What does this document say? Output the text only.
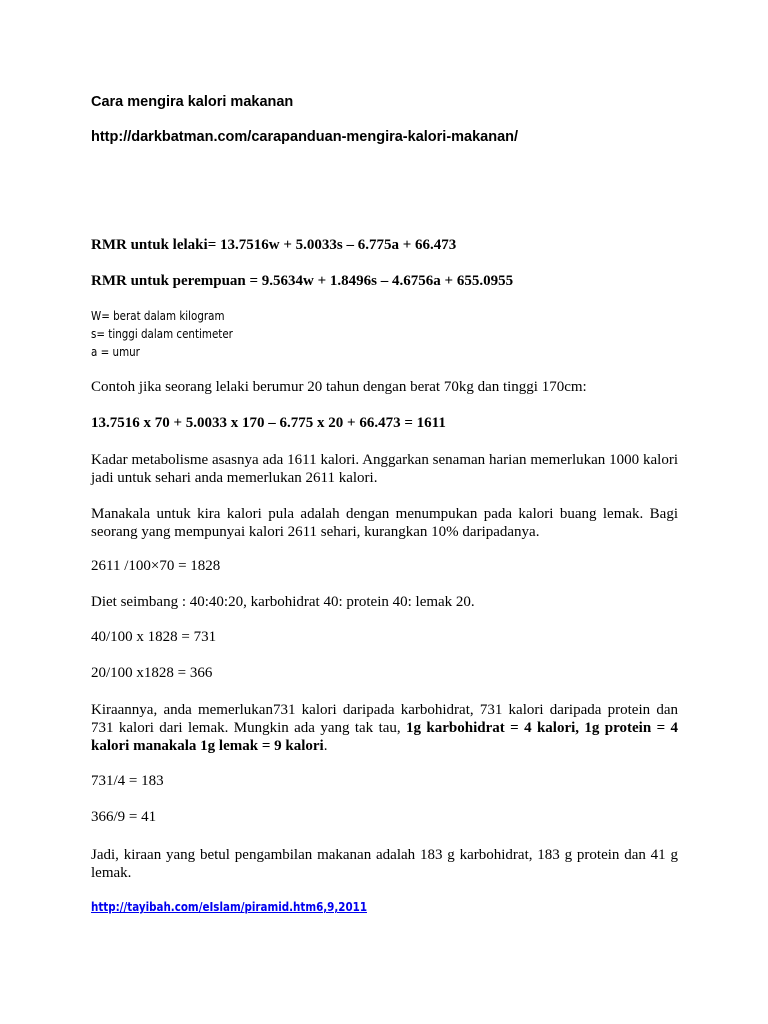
Cara mengira kalori makanan

http://darkbatman.com/carapanduan-mengira-kalori-makanan/

RMR untuk lelaki= 13.7516w + 5.0033s – 6.775a + 66.473

RMR untuk perempuan = 9.5634w + 1.8496s – 4.6756a + 655.0955

W= berat dalam kilogram

s= tinggi dalam centimeter

a = umur

Contoh jika seorang lelaki berumur 20 tahun dengan berat 70kg dan tinggi 170cm:

13.7516 x 70 + 5.0033 x 170 – 6.775 x 20 + 66.473 = 1611

Kadar metabolisme asasnya ada 1611 kalori. Anggarkan senaman harian memerlukan 1000 kalori jadi untuk sehari anda memerlukan 2611 kalori.

Manakala untuk kira kalori pula adalah dengan menumpukan pada kalori buang lemak. Bagi seorang yang mempunyai kalori 2611 sehari, kurangkan 10% daripadanya.

2611 /100×70 = 1828

Diet seimbang : 40:40:20, karbohidrat 40: protein 40: lemak 20.

40/100 x 1828 = 731

20/100 x1828 = 366

Kiraannya, anda memerlukan731 kalori daripada karbohidrat, 731 kalori daripada protein dan 731 kalori dari lemak. Mungkin ada yang tak tau, 1g karbohidrat = 4 kalori, 1g protein = 4 kalori manakala 1g lemak = 9 kalori.

731/4 = 183

366/9 = 41

Jadi, kiraan yang betul pengambilan makanan adalah 183 g karbohidrat, 183 g protein dan 41 g lemak.

http://tayibah.com/eIslam/piramid.htm6,9,2011
